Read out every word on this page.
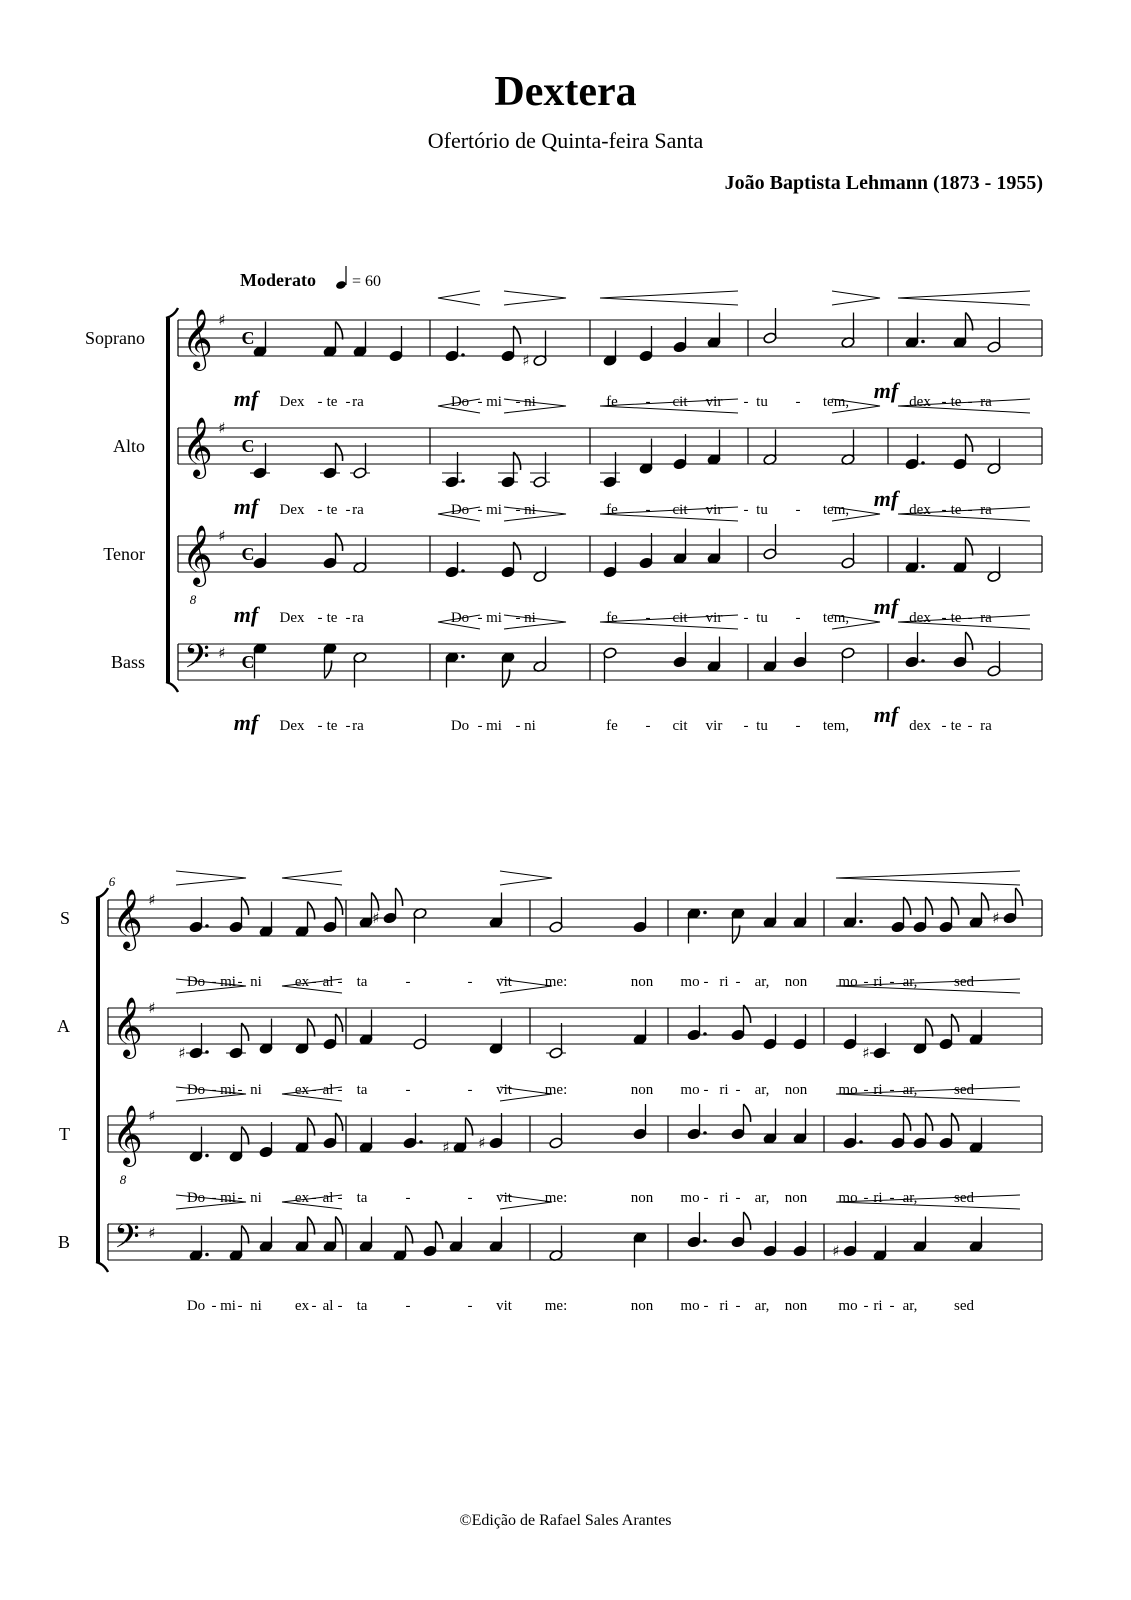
Dextera
Ofertório de Quinta-feira Santa
João Baptista Lehmann (1873 - 1955)
©Edição de Rafael Sales Arantes
Moderato = 60
Soprano 𝄞 ♯
C
♯
Dex - te - ra	Do - mi - ni	fe - cit vir - tu - tem,	dex - te - ra
mf	mf
Alto 𝄞 ♯
C
Dex - te - ra	Do - mi - ni	fe - cit vir - tu - tem,	dex - te - ra
mf	mf
Tenor 𝄞
8
♯
C
Dex - te - ra	Do - mi - ni	fe - cit vir - tu - tem,	dex - te - ra
mf	mf
Bass 𝄢 ♯ C
Dex - te - ra	Do - mi - ni	fe - cit vir - tu - tem,	dex - te - ra
mf	mf
6
S 𝄞 ♯
♯	♯
Do - mi - ni ex - al - ta	-	- vit me:	non mo - ri - ar, non mo - ri - ar, sed
A 𝄞 ♯
♯	♯
Do - mi - ni ex - al - ta	-	- vit me:	non mo - ri - ar, non mo - ri - ar, sed
T 𝄞
8
♯
♯ ♯
Do - mi - ni ex - al - ta	-	- vit me:	non mo - ri - ar, non mo - ri - ar, sed
B 𝄢 ♯
♯
Do - mi - ni ex - al - ta	-	- vit me:	non mo - ri - ar, non mo - ri - ar, sed
